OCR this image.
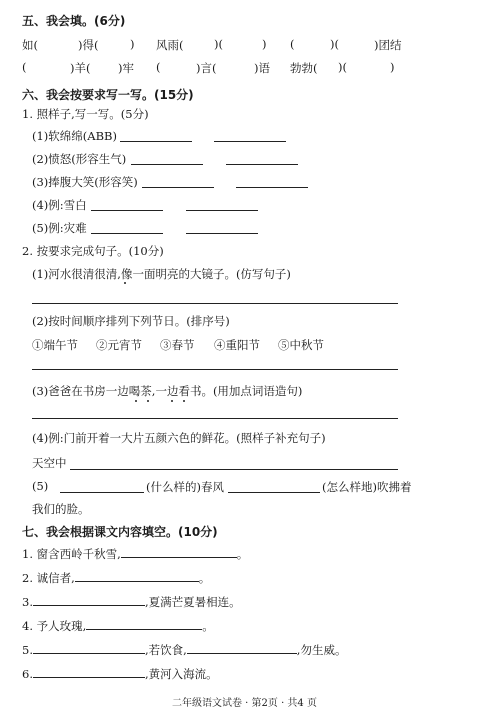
五、我会填。(6分)
如(	)得(	) 风雨(	)(	) (	)(	)团结
(	)羊( )牢 (	)言(	)语 勃勃( )(	)
六、我会按要求写一写。(15分)
1. 照样子,写一写。(5分)
(1)软绵绵(ABB)
(2)愤怒(形容生气)
(3)捧腹大笑(形容笑)
(4)例:雪白
(5)例:灾难
2. 按要求完成句子。(10分)
(1)河水很清很清,像一面明亮的大镜子。(仿写句子)
(2)按时间顺序排列下列节日。(排序号)
①端午节 ②元宵节 ③春节 ④重阳节 ⑤中秋节
(3)爸爸在书房一边喝茶,一边看书。(用加点词语造句)
(4)例:门前开着一大片五颜六色的鲜花。(照样子补充句子)
天空中
(5)	(什么样的)春风	(怎么样地)吹拂着
我们的脸。
七、我会根据课文内容填空。(10分)
1. 窗含西岭千秋雪,	。
2. 诚信者,	。
3.	,夏满芒夏暑相连。
4. 予人玫瑰,	。
5.	,若饮食,	,勿生威。
6.	,黄河入海流。
二年级语文试卷 · 第2页 · 共4 页
